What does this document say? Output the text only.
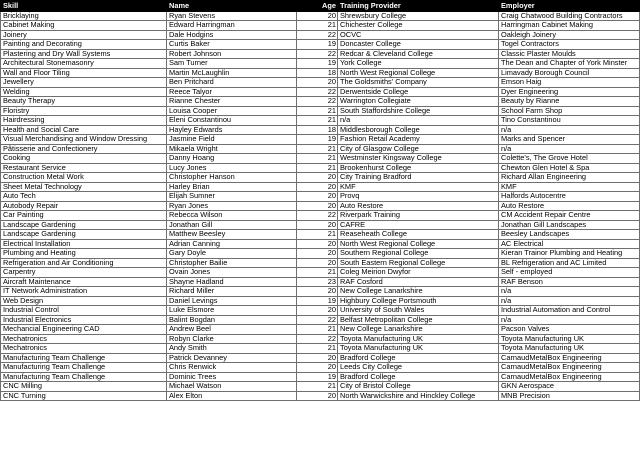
Skill	Name	Age	Training Provider	Employer
Bricklaying	Ryan Stevens	20	Shrewsbury College	Craig Chatwood Building Contractors
Cabinet Making	Edward Harringman	21	Chichester College	Harringman Cabinet Making
Joinery	Dale Hodgins	22	OCVC	Oakleigh Joinery
Painting and Decorating	Curtis Baker	19	Doncaster College	Togel Contractors
Plastering and Dry Wall Systems	Robert Johnson	22	Redcar & Cleveland College	Classic Plaster Moulds
Architectural Stonemasonry	Sam Turner	19	York College	The Dean and Chapter of York Minster
Wall and Floor Tiling	Martin McLaughlin	18	North West Regional College	Limavady Borough Council
Jewellery	Ben Pritchard	20	The Goldsmiths' Company	Emson Haig
Welding	Reece Talyor	22	Derwentside College	Dyer Engineering
Beauty Therapy	Rianne Chester	22	Warrington Collegiate	Beauty by Rianne
Floristry	Louisa Cooper	21	South Staffordshire College	School Farm Shop
Hairdressing	Eleni Constantinou	21	n/a	Tino Constantinou
Health and Social Care	Hayley Edwards	18	Middlesborough College	n/a
Visual Merchandising and Window Dressing	Jasmine Field	19	Fashion Retail Academy	Marks and Spencer
Pâtisserie and Confectionery	Mikaela Wright	21	City of Glasgow College	n/a
Cooking	Danny Hoang	21	Westminster Kingsway College	Colette's, The Grove Hotel
Restaurant Service	Lucy Jones	21	Brookenhurst College	Chewton Glen Hotel & Spa
Construction Metal Work	Christopher Hanson	20	City Training Bradford	Richard Allan Engineering
Sheet Metal Technology	Harley Brian	20	KMF	KMF
Auto Tech	Elijah Sumner	20	Provq	Halfords Autocentre
Autobody Repair	Ryan Jones	20	Auto Restore	Auto Restore
Car Painting	Rebecca Wilson	22	Riverpark Training	CM Accident Repair Centre
Landscape Gardening	Jonathan Gill	20	CAFRE	Jonathan Gill Landscapes
Landscape Gardening	Matthew Beesley	21	Reaseheath College	Beesley Landscapes
Electrical Installation	Adrian Canning	20	North West Regional College	AC Electrical
Plumbing and Heating	Gary Doyle	20	Southern Regional College	Kieran Trainor Plumbing and Heating
Refrigeration and Air Conditioning	Christopher Bailie	20	South Eastern Regional College	BL Refrigeration and AC Limited
Carpentry	Ovain Jones	21	Coleg Meirion Dwyfor	Self - employed
Aircraft Maintenance	Shayne Hadland	23	RAF Cosford	RAF Benson
IT Network Administration	Richard Miller	20	New College Lanarkshire	n/a
Web Design	Daniel Levings	19	Highbury College Portsmouth	n/a
Industrial Control	Luke Elsmore	20	University of South Wales	Industrial Automation and Control
Industrial Electronics	Balint Bogdan	22	Belfast Metropolitan College	n/a
Mechancial Engineering CAD	Andrew Beel	21	New College Lanarkshire	Pacson Valves
Mechatronics	Robyn Clarke	22	Toyota Manufacturing UK	Toyota Manufacturing UK
Mechatronics	Andy Smith	21	Toyota Manufacturing UK	Toyota Manufacturing UK
Manufacturing Team Challenge	Patrick Devanney	20	Bradford College	CarnaudMetalBox Engineering
Manufacturing Team Challenge	Chris Renwick	20	Leeds City College	CarnaudMetalBox Engineering
Manufacturing Team Challenge	Dominic Trees	19	Bradford College	CarnaudMetalBox Engineering
CNC Milling	Michael Watson	21	City of Bristol College	GKN Aerospace
CNC Turning	Alex Elton	20	North Warwickshire and Hinckley College	MNB Precision
